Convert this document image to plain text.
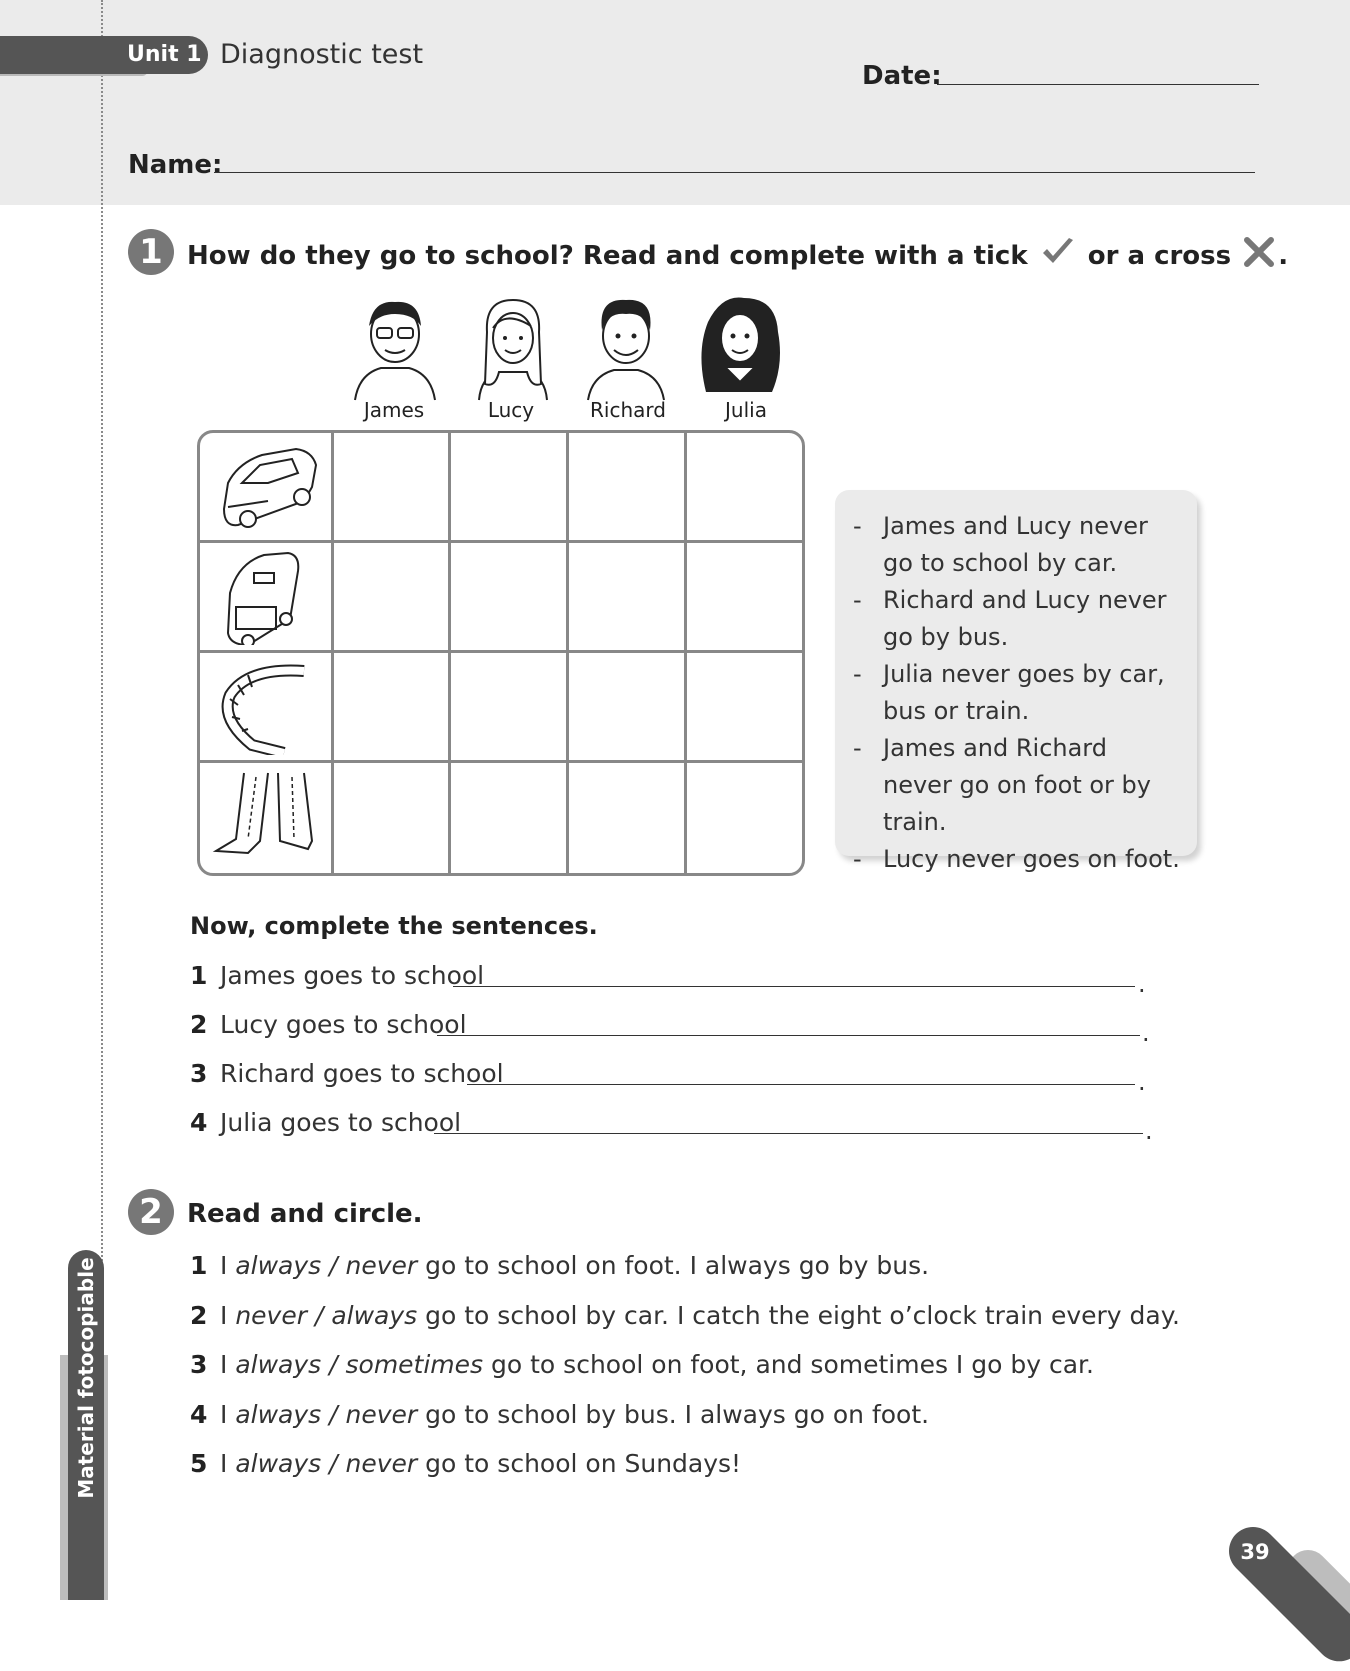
Unit 1 Diagnostic test
Date:
Name:
1 How do they go to school? Read and complete with a tick or a cross .
James	Lucy	Richard	Julia
- James and Lucy never go to school by car.
- Richard and Lucy never go by bus.
- Julia never goes by car, bus or train.
- James and Richard never go on foot or by train.
- Lucy never goes on foot.
Now, complete the sentences.
1 James goes to school	.
2 Lucy goes to school	.
3 Richard goes to school	.
4 Julia goes to school	.
2 Read and circle.
1 I always / never go to school on foot. I always go by bus.
2 I never / always go to school by car. I catch the eight o’clock train every day.
3 I always / sometimes go to school on foot, and sometimes I go by car.
4 I always / never go to school by bus. I always go on foot.
5 I always / never go to school on Sundays!
Material fotocopiable
39
